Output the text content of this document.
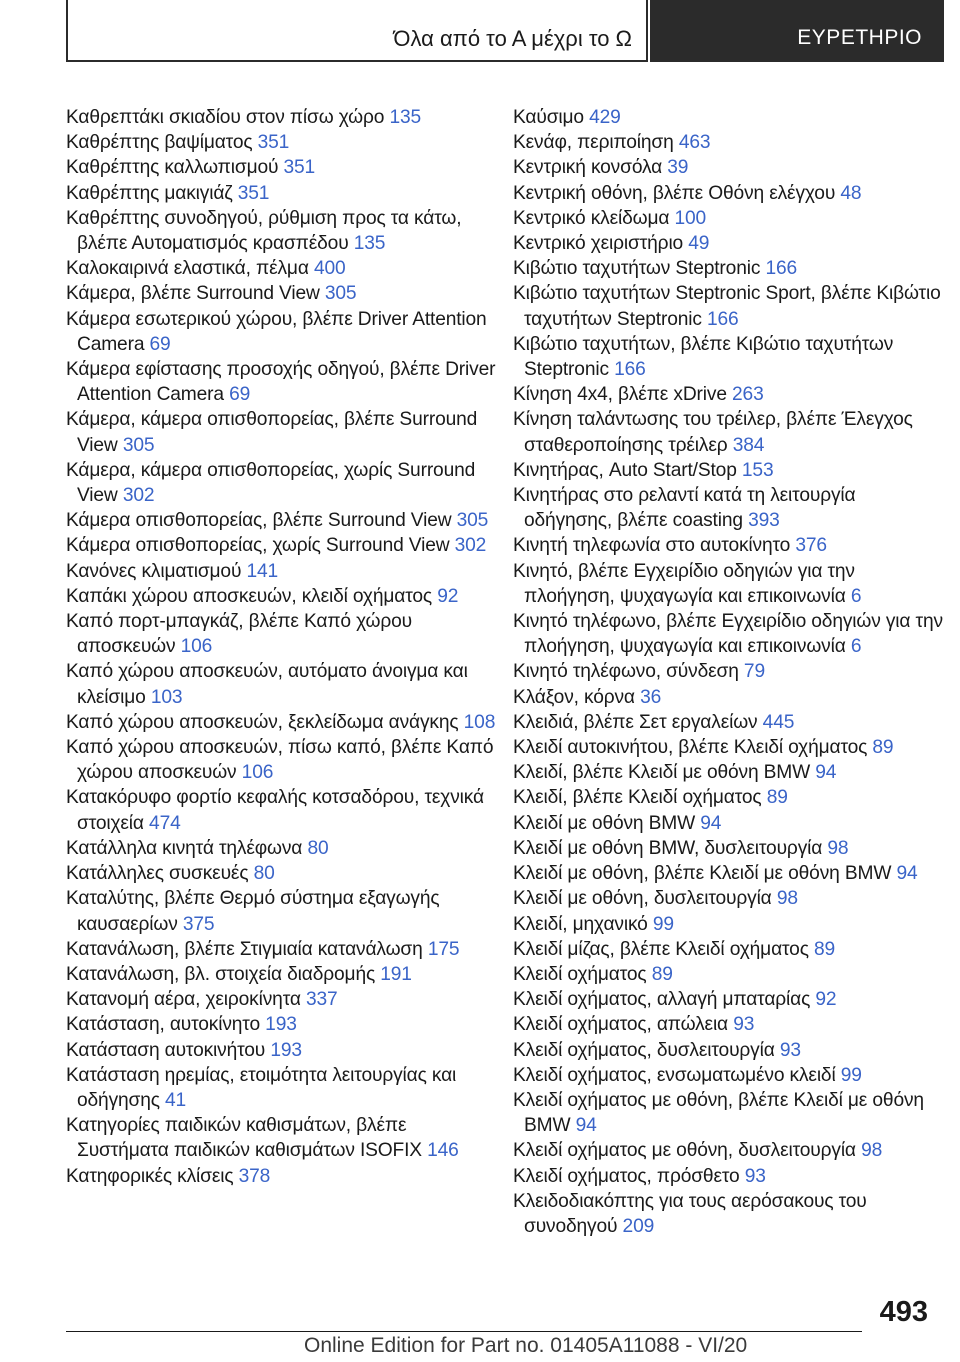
Όλα από το Α μέχρι το Ω	ΕΥΡΕΤΗΡΙΟ
Καθρεπτάκι σκιαδίου στον πίσω χώρο 135
Καθρέπτης βαψίματος 351
Καθρέπτης καλλωπισμού 351
Καθρέπτης μακιγιάζ 351
Καθρέπτης συνοδηγού, ρύθμιση προς τα κάτω, βλέπε Αυτοματισμός κρασπέδου 135
Καλοκαιρινά ελαστικά, πέλμα 400
Κάμερα, βλέπε Surround View 305
Κάμερα εσωτερικού χώρου, βλέπε Driver Attention Camera 69
Κάμερα εφίστασης προσοχής οδηγού, βλέπε Driver Attention Camera 69
Κάμερα, κάμερα οπισθοπορείας, βλέπε Surround View 305
Κάμερα, κάμερα οπισθοπορείας, χωρίς Surround View 302
Κάμερα οπισθοπορείας, βλέπε Surround View 305
Κάμερα οπισθοπορείας, χωρίς Surround View 302
Κανόνες κλιματισμού 141
Καπάκι χώρου αποσκευών, κλειδί οχήματος 92
Καπό πορτ-μπαγκάζ, βλέπε Καπό χώρου αποσκευών 106
Καπό χώρου αποσκευών, αυτόματο άνοιγμα και κλείσιμο 103
Καπό χώρου αποσκευών, ξεκλείδωμα ανάγκης 108
Καπό χώρου αποσκευών, πίσω καπό, βλέπε Καπό χώρου αποσκευών 106
Κατακόρυφο φορτίο κεφαλής κοτσαδόρου, τεχνικά στοιχεία 474
Κατάλληλα κινητά τηλέφωνα 80
Κατάλληλες συσκευές 80
Καταλύτης, βλέπε Θερμό σύστημα εξαγωγής καυσαερίων 375
Κατανάλωση, βλέπε Στιγμιαία κατανάλωση 175
Κατανάλωση, βλ. στοιχεία διαδρομής 191
Κατανομή αέρα, χειροκίνητα 337
Κατάσταση, αυτοκίνητο 193
Κατάσταση αυτοκινήτου 193
Κατάσταση ηρεμίας, ετοιμότητα λειτουργίας και οδήγησης 41
Κατηγορίες παιδικών καθισμάτων, βλέπε Συστήματα παιδικών καθισμάτων ISOFIX 146
Κατηφορικές κλίσεις 378
Καύσιμο 429
Κενάφ, περιποίηση 463
Κεντρική κονσόλα 39
Κεντρική οθόνη, βλέπε Οθόνη ελέγχου 48
Κεντρικό κλείδωμα 100
Κεντρικό χειριστήριο 49
Κιβώτιο ταχυτήτων Steptronic 166
Κιβώτιο ταχυτήτων Steptronic Sport, βλέπε Κιβώτιο ταχυτήτων Steptronic 166
Κιβώτιο ταχυτήτων, βλέπε Κιβώτιο ταχυτήτων Steptronic 166
Κίνηση 4x4, βλέπε xDrive 263
Κίνηση ταλάντωσης του τρέιλερ, βλέπε Έλεγχος σταθεροποίησης τρέιλερ 384
Κινητήρας, Auto Start/Stop 153
Κινητήρας στο ρελαντί κατά τη λειτουργία οδήγησης, βλέπε coasting 393
Κινητή τηλεφωνία στο αυτοκίνητο 376
Κινητό, βλέπε Εγχειρίδιο οδηγιών για την πλοήγηση, ψυχαγωγία και επικοινωνία 6
Κινητό τηλέφωνο, βλέπε Εγχειρίδιο οδηγιών για την πλοήγηση, ψυχαγωγία και επικοινωνία 6
Κινητό τηλέφωνο, σύνδεση 79
Κλάξον, κόρνα 36
Κλειδιά, βλέπε Σετ εργαλείων 445
Κλειδί αυτοκινήτου, βλέπε Κλειδί οχήματος 89
Κλειδί, βλέπε Κλειδί με οθόνη BMW 94
Κλειδί, βλέπε Κλειδί οχήματος 89
Κλειδί με οθόνη BMW 94
Κλειδί με οθόνη BMW, δυσλειτουργία 98
Κλειδί με οθόνη, βλέπε Κλειδί με οθόνη BMW 94
Κλειδί με οθόνη, δυσλειτουργία 98
Κλειδί, μηχανικό 99
Κλειδί μίζας, βλέπε Κλειδί οχήματος 89
Κλειδί οχήματος 89
Κλειδί οχήματος, αλλαγή μπαταρίας 92
Κλειδί οχήματος, απώλεια 93
Κλειδί οχήματος, δυσλειτουργία 93
Κλειδί οχήματος, ενσωματωμένο κλειδί 99
Κλειδί οχήματος με οθόνη, βλέπε Κλειδί με οθόνη BMW 94
Κλειδί οχήματος με οθόνη, δυσλειτουργία 98
Κλειδί οχήματος, πρόσθετο 93
Κλειδοδιακόπτης για τους αερόσακους του συνοδηγού 209
493
Online Edition for Part no. 01405A11088 - VI/20
